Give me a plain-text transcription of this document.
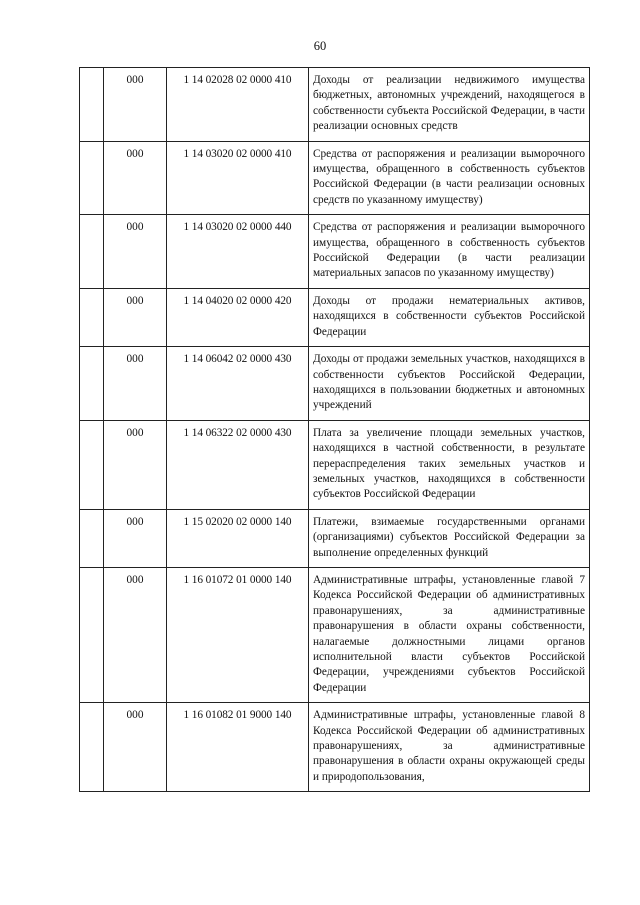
60
	000	1 14 02028 02 0000 410	Доходы от реализации недвижимого имущества бюджетных, автономных учреждений, находящегося в собственности субъекта Российской Федерации, в части реализации основных средств
	000	1 14 03020 02 0000 410	Средства от распоряжения и реализации выморочного имущества, обращенного в собственность субъектов Российской Федерации (в части реализации основных средств по указанному имуществу)
	000	1 14 03020 02 0000 440	Средства от распоряжения и реализации выморочного имущества, обращенного в собственность субъектов Российской Федерации (в части реализации материальных запасов по указанному имуществу)
	000	1 14 04020 02 0000 420	Доходы от продажи нематериальных активов, находящихся в собственности субъектов Российской Федерации
	000	1 14 06042 02 0000 430	Доходы от продажи земельных участков, находящихся в собственности субъектов Российской Федерации, находящихся в пользовании бюджетных и автономных учреждений
	000	1 14 06322 02 0000 430	Плата за увеличение площади земельных участков, находящихся в частной собственности, в результате перераспределения таких земельных участков и земельных участков, находящихся в собственности субъектов Российской Федерации
	000	1 15 02020 02 0000 140	Платежи, взимаемые государственными органами (организациями) субъектов Российской Федерации за выполнение определенных функций
	000	1 16 01072 01 0000 140	Административные штрафы, установленные главой 7 Кодекса Российской Федерации об административных правонарушениях, за административные правонарушения в области охраны собственности, налагаемые должностными лицами органов исполнительной власти субъектов Российской Федерации, учреждениями субъектов Российской Федерации
	000	1 16 01082 01 9000 140	Административные штрафы, установленные главой 8 Кодекса Российской Федерации об административных правонарушениях, за административные правонарушения в области охраны окружающей среды и природопользования,
